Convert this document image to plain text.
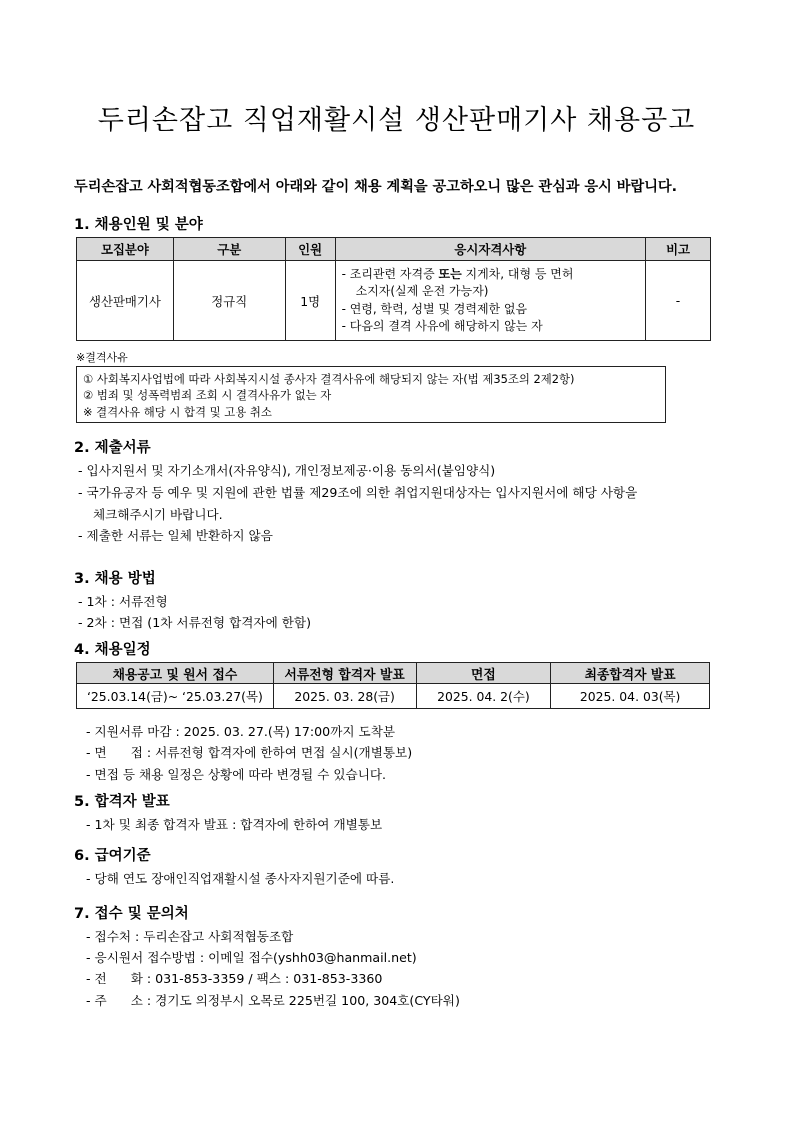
두리손잡고 직업재활시설 생산판매기사 채용공고
두리손잡고 사회적협동조합에서 아래와 같이 채용 계획을 공고하오니 많은 관심과 응시 바랍니다.
1. 채용인원 및 분야
모집분야	구분	인원	응시자격사항	비고
생산판매기사	정규직	1명	- 조리관련 자격증 또는 지게차, 대형 등 면허
소지자(실제 운전 가능자)
- 연령, 학력, 성별 및 경력제한 없음
- 다음의 결격 사유에 해당하지 않는 자	-
※결격사유
① 사회복지사업법에 따라 사회복지시설 종사자 결격사유에 해당되지 않는 자(법 제35조의 2제2항)
② 범죄 및 성폭력범죄 조회 시 결격사유가 없는 자
※ 결격사유 해당 시 합격 및 고용 취소
2. 제출서류
- 입사지원서 및 자기소개서(자유양식), 개인정보제공·이용 동의서(붙임양식)
- 국가유공자 등 예우 및 지원에 관한 법률 제29조에 의한 취업지원대상자는 입사지원서에 해당 사항을
체크해주시기 바랍니다.
- 제출한 서류는 일체 반환하지 않음
3. 채용 방법
- 1차 : 서류전형
- 2차 : 면접 (1차 서류전형 합격자에 한함)
4. 채용일정
채용공고 및 원서 접수	서류전형 합격자 발표	면접	최종합격자 발표
‘25.03.14(금)~ ‘25.03.27(목)	2025. 03. 28(금)	2025. 04. 2(수)	2025. 04. 03(목)
- 지원서류 마감 : 2025. 03. 27.(목) 17:00까지 도착분
- 면      접 : 서류전형 합격자에 한하여 면접 실시(개별통보)
- 면접 등 채용 일정은 상황에 따라 변경될 수 있습니다.
5. 합격자 발표
- 1차 및 최종 합격자 발표 : 합격자에 한하여 개별통보
6. 급여기준
- 당해 연도 장애인직업재활시설 종사자지원기준에 따름.
7. 접수 및 문의처
- 접수처 : 두리손잡고 사회적협동조합
- 응시원서 접수방법 : 이메일 접수(yshh03@hanmail.net)
- 전      화 : 031-853-3359 / 팩스 : 031-853-3360
- 주      소 : 경기도 의정부시 오목로 225번길 100, 304호(CY타워)
